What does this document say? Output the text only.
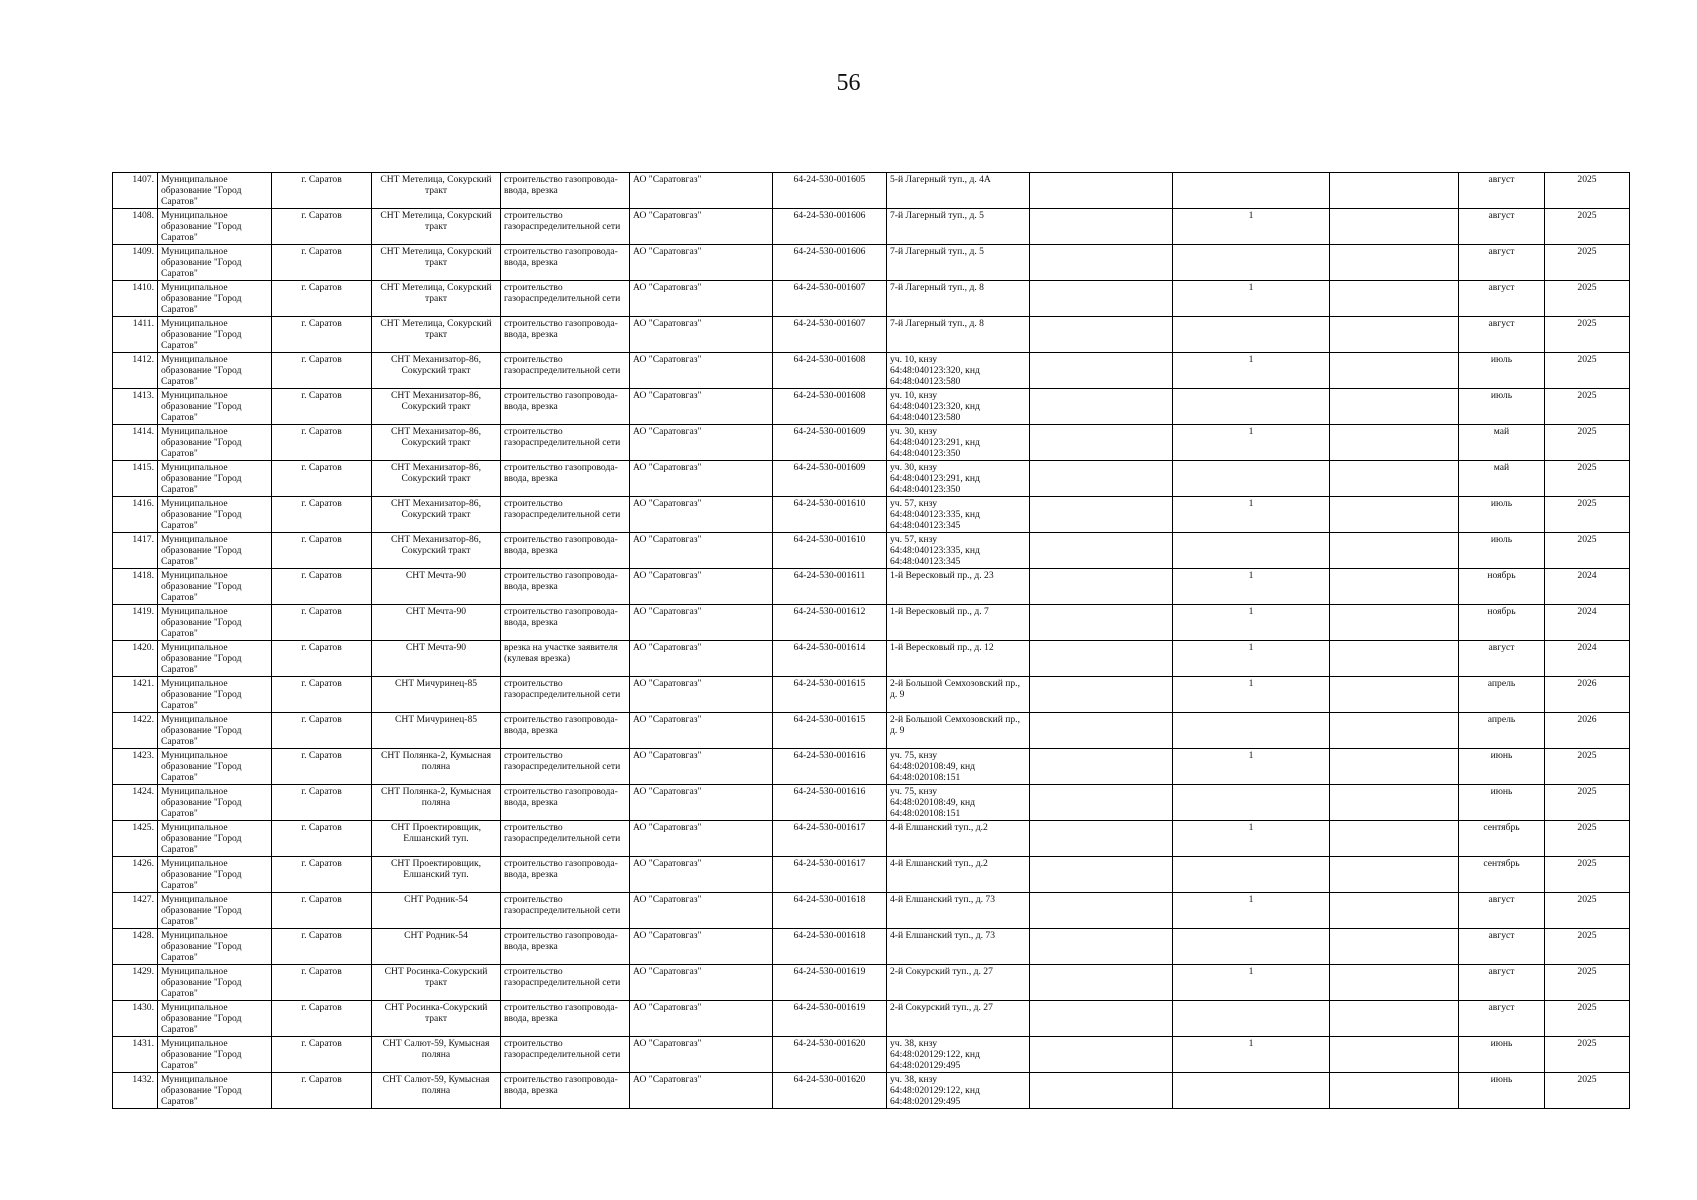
56
1407.	Муниципальное образование "Город Саратов"	г. Саратов	СНТ Метелица, Сокурский тракт	строительство газопровода-ввода, врезка	АО "Саратовгаз"	64-24-530-001605	5-й Лагерный туп., д. 4А				август	2025
1408.	Муниципальное образование "Город Саратов"	г. Саратов	СНТ Метелица, Сокурский тракт	строительство газораспределительной сети	АО "Саратовгаз"	64-24-530-001606	7-й Лагерный туп., д. 5		1		август	2025
1409.	Муниципальное образование "Город Саратов"	г. Саратов	СНТ Метелица, Сокурский тракт	строительство газопровода-ввода, врезка	АО "Саратовгаз"	64-24-530-001606	7-й Лагерный туп., д. 5				август	2025
1410.	Муниципальное образование "Город Саратов"	г. Саратов	СНТ Метелица, Сокурский тракт	строительство газораспределительной сети	АО "Саратовгаз"	64-24-530-001607	7-й Лагерный туп., д. 8		1		август	2025
1411.	Муниципальное образование "Город Саратов"	г. Саратов	СНТ Метелица, Сокурский тракт	строительство газопровода-ввода, врезка	АО "Саратовгаз"	64-24-530-001607	7-й Лагерный туп., д. 8				август	2025
1412.	Муниципальное образование "Город Саратов"	г. Саратов	СНТ Механизатор-86, Сокурский тракт	строительство газораспределительной сети	АО "Саратовгаз"	64-24-530-001608	уч. 10, кнзу
64:48:040123:320, кнд
64:48:040123:580		1		июль	2025
1413.	Муниципальное образование "Город Саратов"	г. Саратов	СНТ Механизатор-86, Сокурский тракт	строительство газопровода-ввода, врезка	АО "Саратовгаз"	64-24-530-001608	уч. 10, кнзу
64:48:040123:320, кнд
64:48:040123:580				июль	2025
1414.	Муниципальное образование "Город Саратов"	г. Саратов	СНТ Механизатор-86, Сокурский тракт	строительство газораспределительной сети	АО "Саратовгаз"	64-24-530-001609	уч. 30, кнзу
64:48:040123:291, кнд
64:48:040123:350		1		май	2025
1415.	Муниципальное образование "Город Саратов"	г. Саратов	СНТ Механизатор-86, Сокурский тракт	строительство газопровода-ввода, врезка	АО "Саратовгаз"	64-24-530-001609	уч. 30, кнзу
64:48:040123:291, кнд
64:48:040123:350				май	2025
1416.	Муниципальное образование "Город Саратов"	г. Саратов	СНТ Механизатор-86, Сокурский тракт	строительство газораспределительной сети	АО "Саратовгаз"	64-24-530-001610	уч. 57, кнзу
64:48:040123:335, кнд
64:48:040123:345		1		июль	2025
1417.	Муниципальное образование "Город Саратов"	г. Саратов	СНТ Механизатор-86, Сокурский тракт	строительство газопровода-ввода, врезка	АО "Саратовгаз"	64-24-530-001610	уч. 57, кнзу
64:48:040123:335, кнд
64:48:040123:345				июль	2025
1418.	Муниципальное образование "Город Саратов"	г. Саратов	СНТ Мечта-90	строительство газопровода-ввода, врезка	АО "Саратовгаз"	64-24-530-001611	1-й Вересковый пр., д. 23		1		ноябрь	2024
1419.	Муниципальное образование "Город Саратов"	г. Саратов	СНТ Мечта-90	строительство газопровода-ввода, врезка	АО "Саратовгаз"	64-24-530-001612	1-й Вересковый пр., д. 7		1		ноябрь	2024
1420.	Муниципальное образование "Город Саратов"	г. Саратов	СНТ Мечта-90	врезка на участке заявителя (кулевая врезка)	АО "Саратовгаз"	64-24-530-001614	1-й Вересковый пр., д. 12		1		август	2024
1421.	Муниципальное образование "Город Саратов"	г. Саратов	СНТ Мичуринец-85	строительство газораспределительной сети	АО "Саратовгаз"	64-24-530-001615	2-й Большой Семхозовский пр., д. 9		1		апрель	2026
1422.	Муниципальное образование "Город Саратов"	г. Саратов	СНТ Мичуринец-85	строительство газопровода-ввода, врезка	АО "Саратовгаз"	64-24-530-001615	2-й Большой Семхозовский пр., д. 9				апрель	2026
1423.	Муниципальное образование "Город Саратов"	г. Саратов	СНТ Полянка-2, Кумысная поляна	строительство газораспределительной сети	АО "Саратовгаз"	64-24-530-001616	уч. 75, кнзу
64:48:020108:49, кнд
64:48:020108:151		1		июнь	2025
1424.	Муниципальное образование "Город Саратов"	г. Саратов	СНТ Полянка-2, Кумысная поляна	строительство газопровода-ввода, врезка	АО "Саратовгаз"	64-24-530-001616	уч. 75, кнзу
64:48:020108:49, кнд
64:48:020108:151				июнь	2025
1425.	Муниципальное образование "Город Саратов"	г. Саратов	СНТ Проектировщик, Елшанский туп.	строительство газораспределительной сети	АО "Саратовгаз"	64-24-530-001617	4-й Елшанский туп., д.2		1		сентябрь	2025
1426.	Муниципальное образование "Город Саратов"	г. Саратов	СНТ Проектировщик, Елшанский туп.	строительство газопровода-ввода, врезка	АО "Саратовгаз"	64-24-530-001617	4-й Елшанский туп., д.2				сентябрь	2025
1427.	Муниципальное образование "Город Саратов"	г. Саратов	СНТ Родник-54	строительство газораспределительной сети	АО "Саратовгаз"	64-24-530-001618	4-й Елшанский туп., д. 73		1		август	2025
1428.	Муниципальное образование "Город Саратов"	г. Саратов	СНТ Родник-54	строительство газопровода-ввода, врезка	АО "Саратовгаз"	64-24-530-001618	4-й Елшанский туп., д. 73				август	2025
1429.	Муниципальное образование "Город Саратов"	г. Саратов	СНТ Росинка-Сокурский тракт	строительство газораспределительной сети	АО "Саратовгаз"	64-24-530-001619	2-й Сокурский туп., д. 27		1		август	2025
1430.	Муниципальное образование "Город Саратов"	г. Саратов	СНТ Росинка-Сокурский тракт	строительство газопровода-ввода, врезка	АО "Саратовгаз"	64-24-530-001619	2-й Сокурский туп., д. 27				август	2025
1431.	Муниципальное образование "Город Саратов"	г. Саратов	СНТ Салют-59, Кумысная поляна	строительство газораспределительной сети	АО "Саратовгаз"	64-24-530-001620	уч. 38, кнзу
64:48:020129:122, кнд
64:48:020129:495		1		июнь	2025
1432.	Муниципальное образование "Город Саратов"	г. Саратов	СНТ Салют-59, Кумысная поляна	строительство газопровода-ввода, врезка	АО "Саратовгаз"	64-24-530-001620	уч. 38, кнзу
64:48:020129:122, кнд
64:48:020129:495				июнь	2025
